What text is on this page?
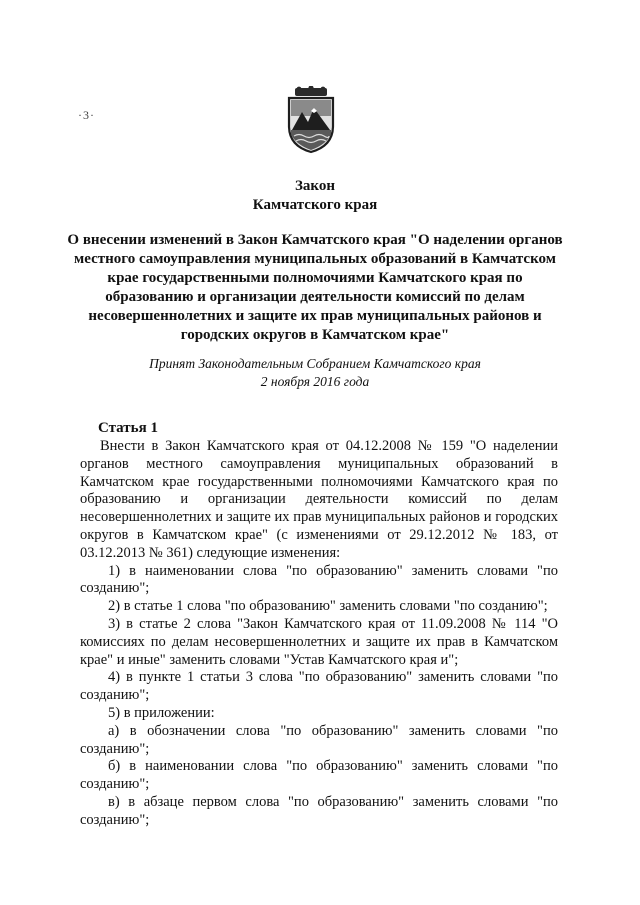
·3·
Закон
Камчатского края
О внесении изменений в Закон Камчатского края "О наделении органов
местного самоуправления муниципальных образований в Камчатском
крае государственными полномочиями Камчатского края по
образованию и организации деятельности комиссий по делам
несовершеннолетних и защите их прав муниципальных районов и
городских округов в Камчатском крае"
Принят Законодательным Собранием Камчатского края
2 ноября 2016 года
Статья 1

Внести в Закон Камчатского края от 04.12.2008 № 159 "О наделении органов местного самоуправления муниципальных образований в Камчатском крае государственными полномочиями Камчатского края по образованию и организации деятельности комиссий по делам несовершеннолетних и защите их прав муниципальных районов и городских округов в Камчатском крае" (с изменениями от 29.12.2012 № 183, от 03.12.2013 № 361) следующие изменения:

1) в наименовании слова "по образованию" заменить словами "по созданию";

2) в статье 1 слова "по образованию" заменить словами "по созданию";

3) в статье 2 слова "Закон Камчатского края от 11.09.2008 № 114 "О комиссиях по делам несовершеннолетних и защите их прав в Камчатском крае" и иные" заменить словами "Устав Камчатского края и";

4) в пункте 1 статьи 3 слова "по образованию" заменить словами "по созданию";

5) в приложении:

а) в обозначении слова "по образованию" заменить словами "по созданию";

б) в наименовании слова "по образованию" заменить словами "по созданию";

в) в абзаце первом слова "по образованию" заменить словами "по созданию";
